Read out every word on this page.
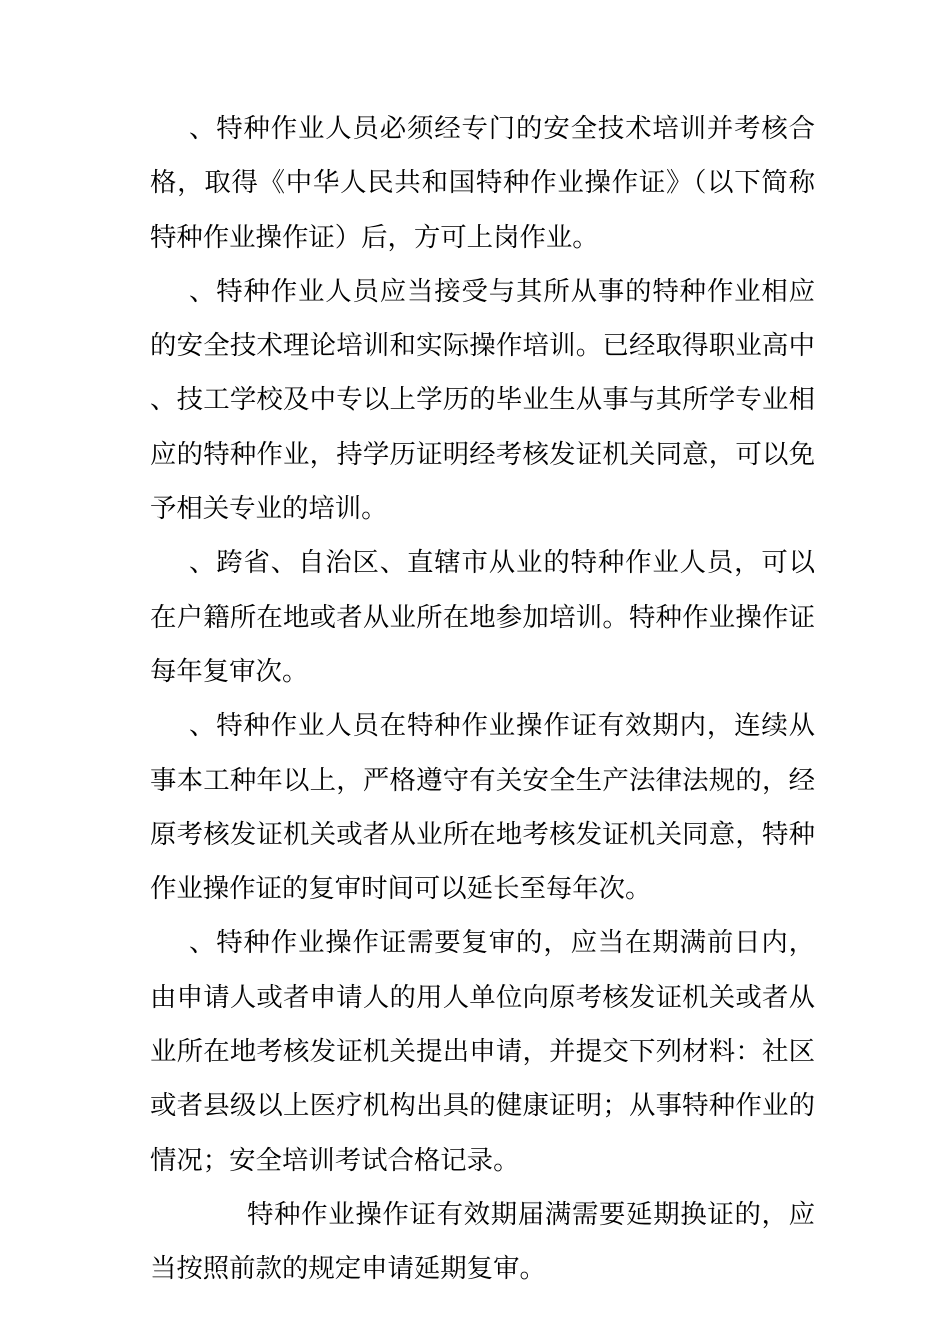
、特种作业人员必须经专门的安全技术培训并考核合格，取得《中华人民共和国特种作业操作证》（以下简称特种作业操作证）后，方可上岗作业。

、特种作业人员应当接受与其所从事的特种作业相应的安全技术理论培训和实际操作培训。已经取得职业高中、技工学校及中专以上学历的毕业生从事与其所学专业相应的特种作业，持学历证明经考核发证机关同意，可以免予相关专业的培训。

、跨省、自治区、直辖市从业的特种作业人员，可以在户籍所在地或者从业所在地参加培训。特种作业操作证每年复审次。

、特种作业人员在特种作业操作证有效期内，连续从事本工种年以上，严格遵守有关安全生产法律法规的，经原考核发证机关或者从业所在地考核发证机关同意，特种作业操作证的复审时间可以延长至每年次。

、特种作业操作证需要复审的，应当在期满前日内，由申请人或者申请人的用人单位向原考核发证机关或者从业所在地考核发证机关提出申请，并提交下列材料：社区或者县级以上医疗机构出具的健康证明；从事特种作业的情况；安全培训考试合格记录。

特种作业操作证有效期届满需要延期换证的，应当按照前款的规定申请延期复审。
